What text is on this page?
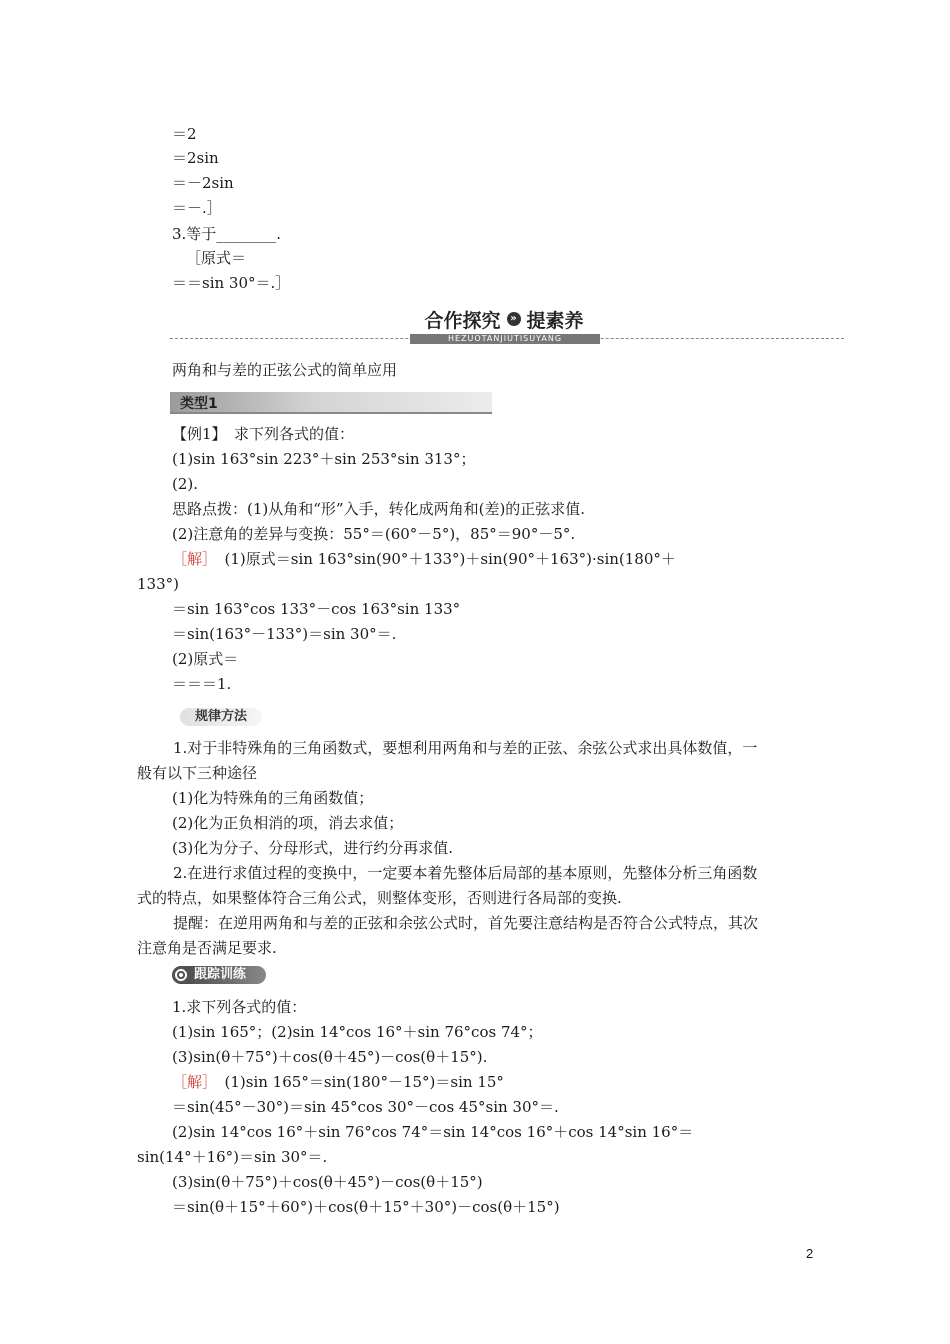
＝2
＝2sin
＝－2sin
＝－.］
3.等于________.
［原式＝
＝＝sin 30°＝.］
合作探究 » 提素养
HEZUOTANJIUTISUYANG
两角和与差的正弦公式的简单应用
类型1
【例1】　求下列各式的值：
(1)sin 163°sin 223°＋sin 253°sin 313°；
(2).
思路点拨：(1)从角和“形”入手，转化成两角和(差)的正弦求值.
(2)注意角的差异与变换：55°＝(60°－5°)，85°＝90°－5°.
［解］　(1)原式＝sin 163°sin(90°＋133°)＋sin(90°＋163°)·sin(180°＋
133°)
＝sin 163°cos 133°－cos 163°sin 133°
＝sin(163°－133°)＝sin 30°＝.
(2)原式＝
＝＝＝1.
规律方法
　1.对于非特殊角的三角函数式，要想利用两角和与差的正弦、余弦公式求出具体数值，一
般有以下三种途径
(1)化为特殊角的三角函数值；
(2)化为正负相消的项，消去求值；
(3)化为分子、分母形式，进行约分再求值.
　2.在进行求值过程的变换中，一定要本着先整体后局部的基本原则，先整体分析三角函数
式的特点，如果整体符合三角公式，则整体变形，否则进行各局部的变换.
　提醒：在逆用两角和与差的正弦和余弦公式时，首先要注意结构是否符合公式特点，其次
注意角是否满足要求.
跟踪训练
1.求下列各式的值：
(1)sin 165°；(2)sin 14°cos 16°＋sin 76°cos 74°；
(3)sin(θ＋75°)＋cos(θ＋45°)－cos(θ＋15°).
［解］　(1)sin 165°＝sin(180°－15°)＝sin 15°
＝sin(45°－30°)＝sin 45°cos 30°－cos 45°sin 30°＝.
(2)sin 14°cos 16°＋sin 76°cos 74°＝sin 14°cos 16°＋cos 14°sin 16°＝
sin(14°＋16°)＝sin 30°＝.
(3)sin(θ＋75°)＋cos(θ＋45°)－cos(θ＋15°)
＝sin(θ＋15°＋60°)＋cos(θ＋15°＋30°)－cos(θ＋15°)
2
